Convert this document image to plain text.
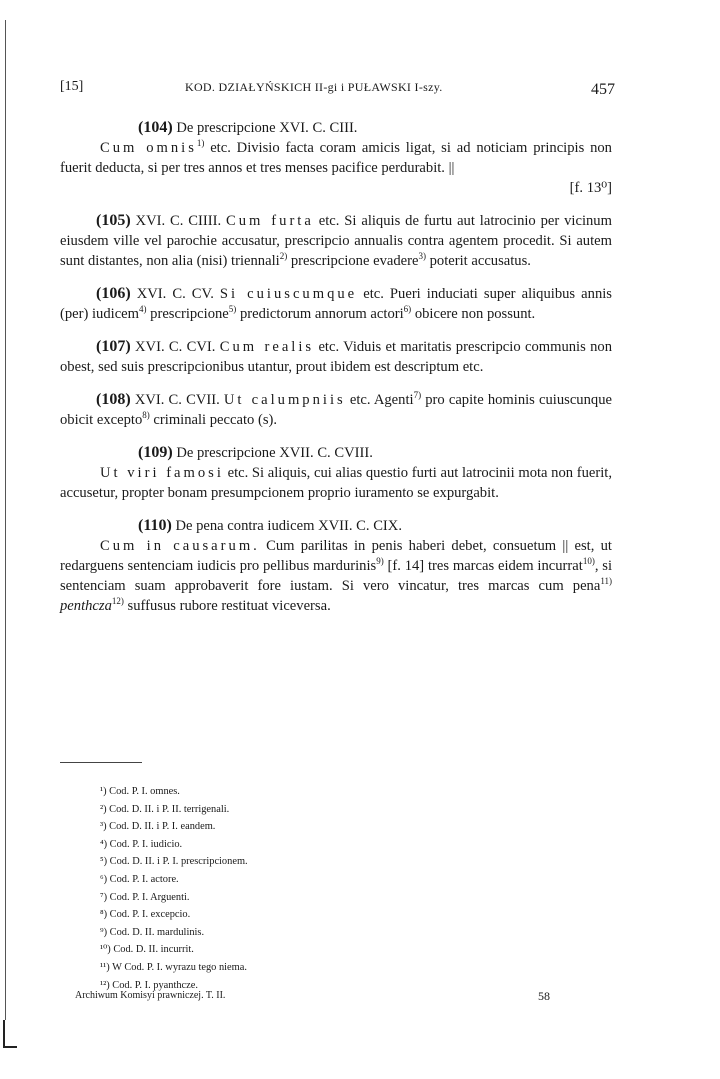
[15]	KOD. DZIAŁYŃSKICH II-gi i PUŁAWSKI I-szy.	457

(104) De prescripcione XVI. C. CIII.

Cum omnis$^{1)}$ etc. Divisio facta coram amicis ligat, si ad noticiam principis non fuerit deducta, si per tres annos et tres menses pacifice perdurabit. ||

[f. 13⁰]

(105) XVI. C. CIIII. Cum furta etc. Si aliquis de furtu aut latrocinio per vicinum eiusdem ville vel parochie accusatur, prescripcio annualis contra agentem procedit. Si autem sunt distantes, non alia (nisi) triennali$^{2)}$ prescripcione evadere$^{3)}$ poterit accusatus.

(106) XVI. C. CV. Si cuiuscumque etc. Pueri induciati super aliquibus annis (per) iudicem$^{4)}$ prescripcione$^{5)}$ predictorum annorum actori$^{6)}$ obicere non possunt.

(107) XVI. C. CVI. Cum realis etc. Viduis et maritatis prescripcio communis non obest, sed suis prescripcionibus utantur, prout ibidem est descriptum etc.

(108) XVI. C. CVII. Ut calumpniis etc. Agenti$^{7)}$ pro capite hominis cuiuscunque obicit excepto$^{8)}$ criminali peccato (s).

(109) De prescripcione XVII. C. CVIII.

Ut viri famosi etc. Si aliquis, cui alias questio furti aut latrocinii mota non fuerit, accusetur, propter bonam presumpcionem proprio iuramento se expurgabit.

(110) De pena contra iudicem XVII. C. CIX.

Cum in causarum. Cum parilitas in penis haberi debet, consuetum || est, ut redarguens sentenciam iudicis pro pellibus mardurinis$^{9)}$ [f. 14] tres marcas eidem incurrat$^{10)}$, si sentenciam suam approbaverit fore iustam. Si vero vincatur, tres marcas cum pena$^{11)}$ penthcza$^{12)}$ suffusus rubore restituat viceversa.

¹) Cod. P. I. omnes.
²) Cod. D. II. i P. II. terrigenali.
³) Cod. D. II. i P. I. eandem.
⁴) Cod. P. I. iudicio.
⁵) Cod. D. II. i P. I. prescripcionem.
⁶) Cod. P. I. actore.
⁷) Cod. P. I. Arguenti.
⁸) Cod. P. I. excepcio.
⁹) Cod. D. II. mardulinis.
¹⁰) Cod. D. II. incurrit.
¹¹) W Cod. P. I. wyrazu tego niema.
¹²) Cod. P. I. pyanthcze.
Archiwum Komisyi prawniczej. T. II.	58
